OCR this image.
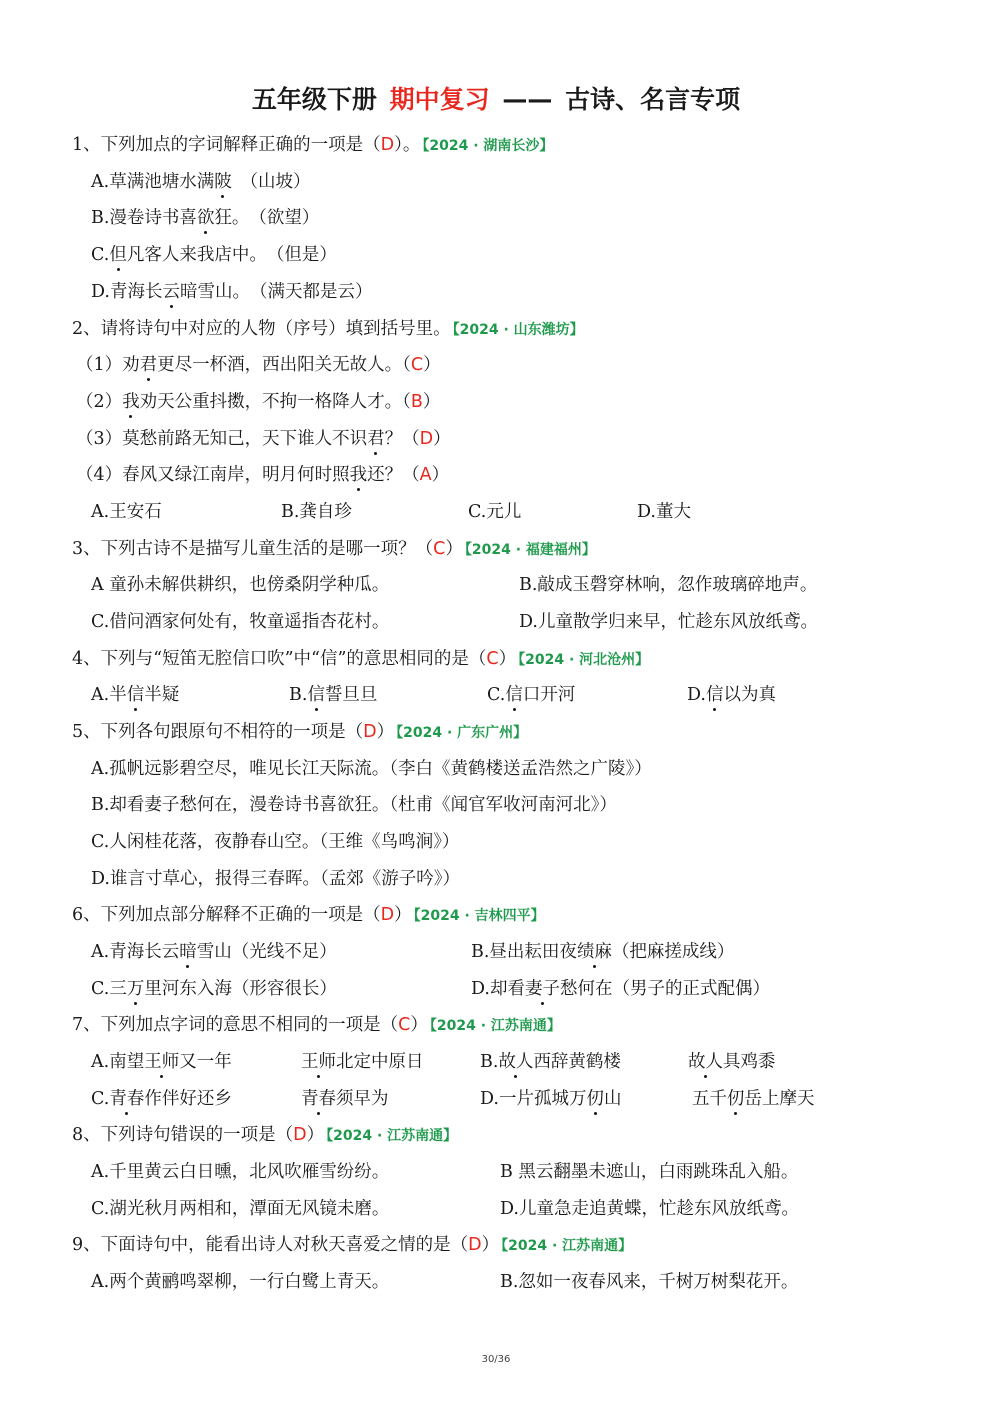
五年级下册 期中复习 —— 古诗、名言专项
1、下列加点的字词解释正确的一项是（D）。 【2024 · 湖南长沙】
A.草满池塘水满陂　（山坡）
B.漫卷诗书喜欲狂。　（欲望）
C.但凡客人来我店中。　（但是）
D.青海长云暗雪山。　（满天都是云）
2、请将诗句中对应的人物（序号）填到括号里。 【2024 · 山东潍坊】
（1）劝君更尽一杯酒，西出阳关无故人。（C）
（2）我劝天公重抖擞，不拘一格降人才。（B）
（3）莫愁前路无知己，天下谁人不识君？（D）
（4）春风又绿江南岸，明月何时照我还？（A）
A.王安石	B.龚自珍	C.元儿	D.董大
3、下列古诗不是描写儿童生活的是哪一项？（C） 【2024 · 福建福州】
A 童孙未解供耕织，也傍桑阴学种瓜。	B.敲成玉磬穿林响，忽作玻璃碎地声。
C.借问酒家何处有，牧童遥指杏花村。	D.儿童散学归来早，忙趁东风放纸鸢。
4、下列与“短笛无腔信口吹”中“信”的意思相同的是（C） 【2024 · 河北沧州】
A.半信半疑	B.信誓旦旦	C.信口开河	D.信以为真
5、下列各句跟原句不相符的一项是（D） 【2024 · 广东广州】
A.孤帆远影碧空尽，唯见长江天际流。（李白《黄鹤楼送孟浩然之广陵》）
B.却看妻子愁何在，漫卷诗书喜欲狂。（杜甫《闻官军收河南河北》）
C.人闲桂花落，夜静春山空。（王维《鸟鸣涧》）
D.谁言寸草心，报得三春晖。（孟郊《游子吟》）
6、下列加点部分解释不正确的一项是（D） 【2024 · 吉林四平】
A.青海长云暗雪山（光线不足）	B.昼出耘田夜绩麻（把麻搓成线）
C.三万里河东入海（形容很长）	D.却看妻子愁何在（男子的正式配偶）
7、下列加点字词的意思不相同的一项是（C） 【2024 · 江苏南通】
A.南望王师又一年	王师北定中原日	B.故人西辞黄鹤楼	故人具鸡黍
C.青春作伴好还乡	青春须早为	D.一片孤城万仞山	五千仞岳上摩天
8、下列诗句错误的一项是（D） 【2024 · 江苏南通】
A.千里黄云白日曛，北风吹雁雪纷纷。	B 黑云翻墨未遮山，白雨跳珠乱入船。
C.湖光秋月两相和，潭面无风镜未磨。	D.儿童急走追黄蝶，忙趁东风放纸鸢。
9、下面诗句中，能看出诗人对秋天喜爱之情的是（D） 【2024 · 江苏南通】
A.两个黄鹂鸣翠柳，一行白鹭上青天。	B.忽如一夜春风来，千树万树梨花开。
30/36
